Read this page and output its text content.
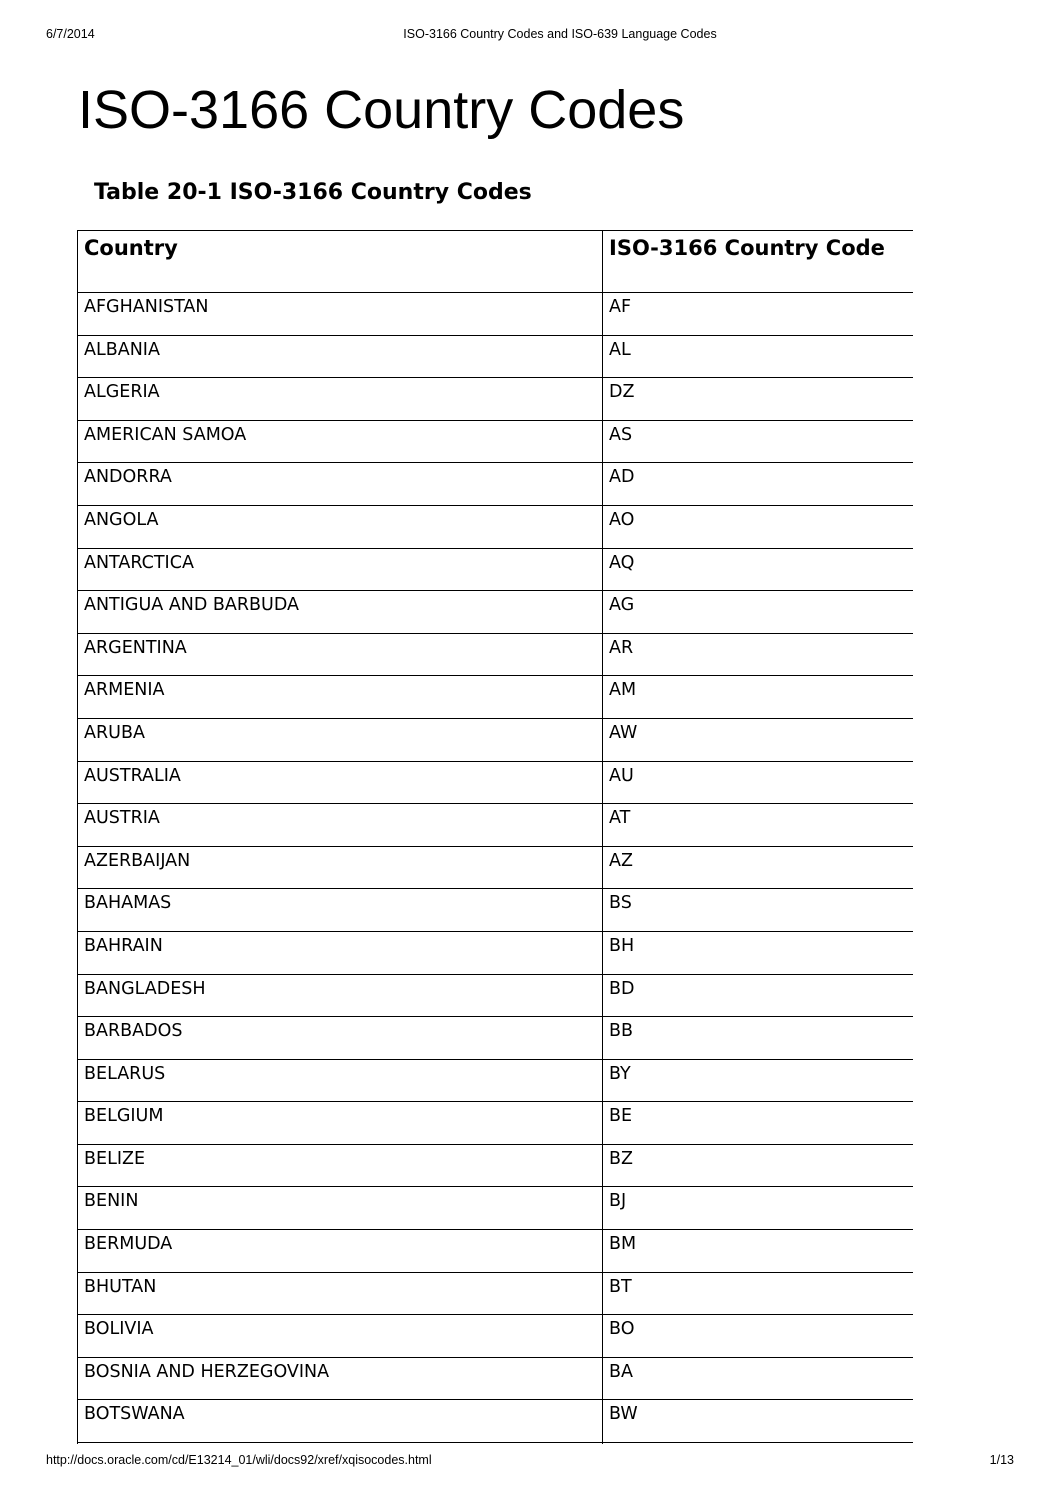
6/7/2014	ISO-3166 Country Codes and ISO-639 Language Codes
ISO-3166 Country Codes
Table 20-1 ISO-3166 Country Codes
Country	ISO-3166 Country Code
AFGHANISTAN	AF
ALBANIA	AL
ALGERIA	DZ
AMERICAN SAMOA	AS
ANDORRA	AD
ANGOLA	AO
ANTARCTICA	AQ
ANTIGUA AND BARBUDA	AG
ARGENTINA	AR
ARMENIA	AM
ARUBA	AW
AUSTRALIA	AU
AUSTRIA	AT
AZERBAIJAN	AZ
BAHAMAS	BS
BAHRAIN	BH
BANGLADESH	BD
BARBADOS	BB
BELARUS	BY
BELGIUM	BE
BELIZE	BZ
BENIN	BJ
BERMUDA	BM
BHUTAN	BT
BOLIVIA	BO
BOSNIA AND HERZEGOVINA	BA
BOTSWANA	BW

http://docs.oracle.com/cd/E13214_01/wli/docs92/xref/xqisocodes.html	1/13
